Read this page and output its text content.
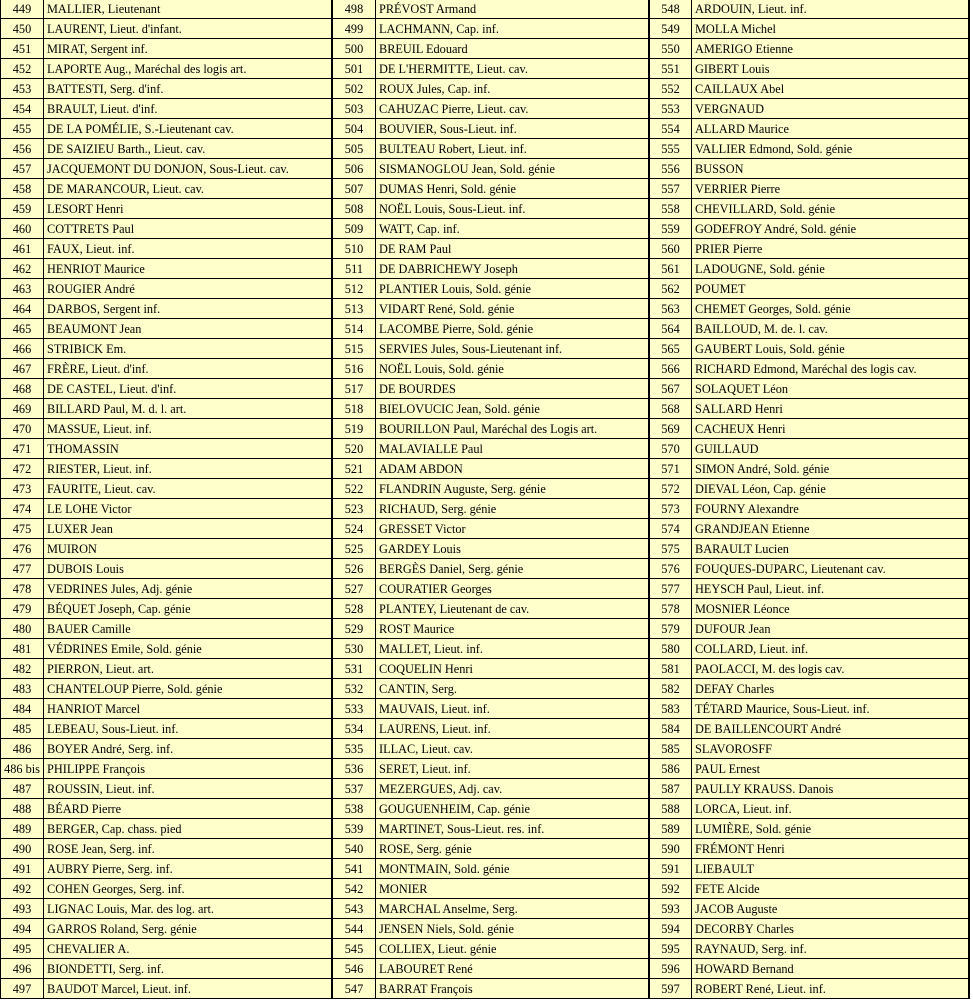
449	MALLIER, Lieutenant
450	LAURENT, Lieut. d'infant.
451	MIRAT, Sergent inf.
452	LAPORTE Aug., Maréchal des logis art.
453	BATTESTI, Serg. d'inf.
454	BRAULT, Lieut. d'inf.
455	DE LA POMÉLIE, S.-Lieutenant cav.
456	DE SAIZIEU Barth., Lieut. cav.
457	JACQUEMONT DU DONJON, Sous-Lieut. cav.
458	DE MARANCOUR, Lieut. cav.
459	LESORT Henri
460	COTTRETS Paul
461	FAUX, Lieut. inf.
462	HENRIOT Maurice
463	ROUGIER André
464	DARBOS, Sergent inf.
465	BEAUMONT Jean
466	STRIBICK Em.
467	FRÈRE, Lieut. d'inf.
468	DE CASTEL, Lieut. d'inf.
469	BILLARD Paul, M. d. l. art.
470	MASSUE, Lieut. inf.
471	THOMASSIN
472	RIESTER, Lieut. inf.
473	FAURITE, Lieut. cav.
474	LE LOHE Victor
475	LUXER Jean
476	MUIRON
477	DUBOIS Louis
478	VEDRINES Jules, Adj. génie
479	BÉQUET Joseph, Cap. génie
480	BAUER Camille
481	VÉDRINES Emile, Sold. génie
482	PIERRON, Lieut. art.
483	CHANTELOUP Pierre, Sold. génie
484	HANRIOT Marcel
485	LEBEAU, Sous-Lieut. inf.
486	BOYER André, Serg. inf.
486 bis PHILIPPE François
487	ROUSSIN, Lieut. inf.
488	BÉARD Pierre
489	BERGER, Cap. chass. pied
490	ROSE Jean, Serg. inf.
491	AUBRY Pierre, Serg. inf.
492	COHEN Georges, Serg. inf.
493	LIGNAC Louis, Mar. des log. art.
494	GARROS Roland, Serg. génie
495	CHEVALIER A.
496	BIONDETTI, Serg. inf.
497	BAUDOT Marcel, Lieut. inf.
498	PRÉVOST Armand
499	LACHMANN, Cap. inf.
500	BREUIL Edouard
501	DE L'HERMITTE, Lieut. cav.
502	ROUX Jules, Cap. inf.
503	CAHUZAC Pierre, Lieut. cav.
504	BOUVIER, Sous-Lieut. inf.
505	BULTEAU Robert, Lieut. inf.
506	SISMANOGLOU Jean, Sold. génie
507	DUMAS Henri, Sold. génie
508	NOËL Louis, Sous-Lieut. inf.
509	WATT, Cap. inf.
510	DE RAM Paul
511	DE DABRICHEWY Joseph
512	PLANTIER Louis, Sold. génie
513	VIDART René, Sold. génie
514	LACOMBE Pierre, Sold. génie
515	SERVIES Jules, Sous-Lieutenant inf.
516	NOËL Louis, Sold. génie
517	DE BOURDES
518	BIELOVUCIC Jean, Sold. génie
519	BOURILLON Paul, Maréchal des Logis art.
520	MALAVIALLE Paul
521	ADAM ABDON
522	FLANDRIN Auguste, Serg. génie
523	RICHAUD, Serg. génie
524	GRESSET Victor
525	GARDEY Louis
526	BERGÈS Daniel, Serg. génie
527	COURATIER Georges
528	PLANTEY, Lieutenant de cav.
529	ROST Maurice
530	MALLET, Lieut. inf.
531	COQUELIN Henri
532	CANTIN, Serg.
533	MAUVAIS, Lieut. inf.
534	LAURENS, Lieut. inf.
535	ILLAC, Lieut. cav.
536	SERET, Lieut. inf.
537	MEZERGUES, Adj. cav.
538	GOUGUENHEIM, Cap. génie
539	MARTINET, Sous-Lieut. res. inf.
540	ROSE, Serg. génie
541	MONTMAIN, Sold. génie
542	MONIER
543	MARCHAL Anselme, Serg.
544	JENSEN Niels, Sold. génie
545	COLLIEX, Lieut. génie
546	LABOURET René
547	BARRAT François
548	ARDOUIN, Lieut. inf.
549	MOLLA Michel
550	AMERIGO Etienne
551	GIBERT Louis
552	CAILLAUX Abel
553	VERGNAUD
554	ALLARD Maurice
555	VALLIER Edmond, Sold. génie
556	BUSSON
557	VERRIER Pierre
558	CHEVILLARD, Sold. génie
559	GODEFROY André, Sold. génie
560	PRIER Pierre
561	LADOUGNE, Sold. génie
562	POUMET
563	CHEMET Georges, Sold. génie
564	BAILLOUD, M. de. l. cav.
565	GAUBERT Louis, Sold. génie
566	RICHARD Edmond, Maréchal des logis cav.
567	SOLAQUET Léon
568	SALLARD Henri
569	CACHEUX Henri
570	GUILLAUD
571	SIMON André, Sold. génie
572	DIEVAL Léon, Cap. génie
573	FOURNY Alexandre
574	GRANDJEAN Etienne
575	BARAULT Lucien
576	FOUQUES-DUPARC, Lieutenant cav.
577	HEYSCH Paul, Lieut. inf.
578	MOSNIER Léonce
579	DUFOUR Jean
580	COLLARD, Lieut. inf.
581	PAOLACCI, M. des logis cav.
582	DEFAY Charles
583	TÉTARD Maurice, Sous-Lieut. inf.
584	DE BAILLENCOURT André
585	SLAVOROSFF
586	PAUL Ernest
587	PAULLY KRAUSS. Danois
588	LORCA, Lieut. inf.
589	LUMIÈRE, Sold. génie
590	FRÉMONT Henri
591	LIEBAULT
592	FETE Alcide
593	JACOB Auguste
594	DECORBY Charles
595	RAYNAUD, Serg. inf.
596	HOWARD Bernand
597	ROBERT René, Lieut. inf.
